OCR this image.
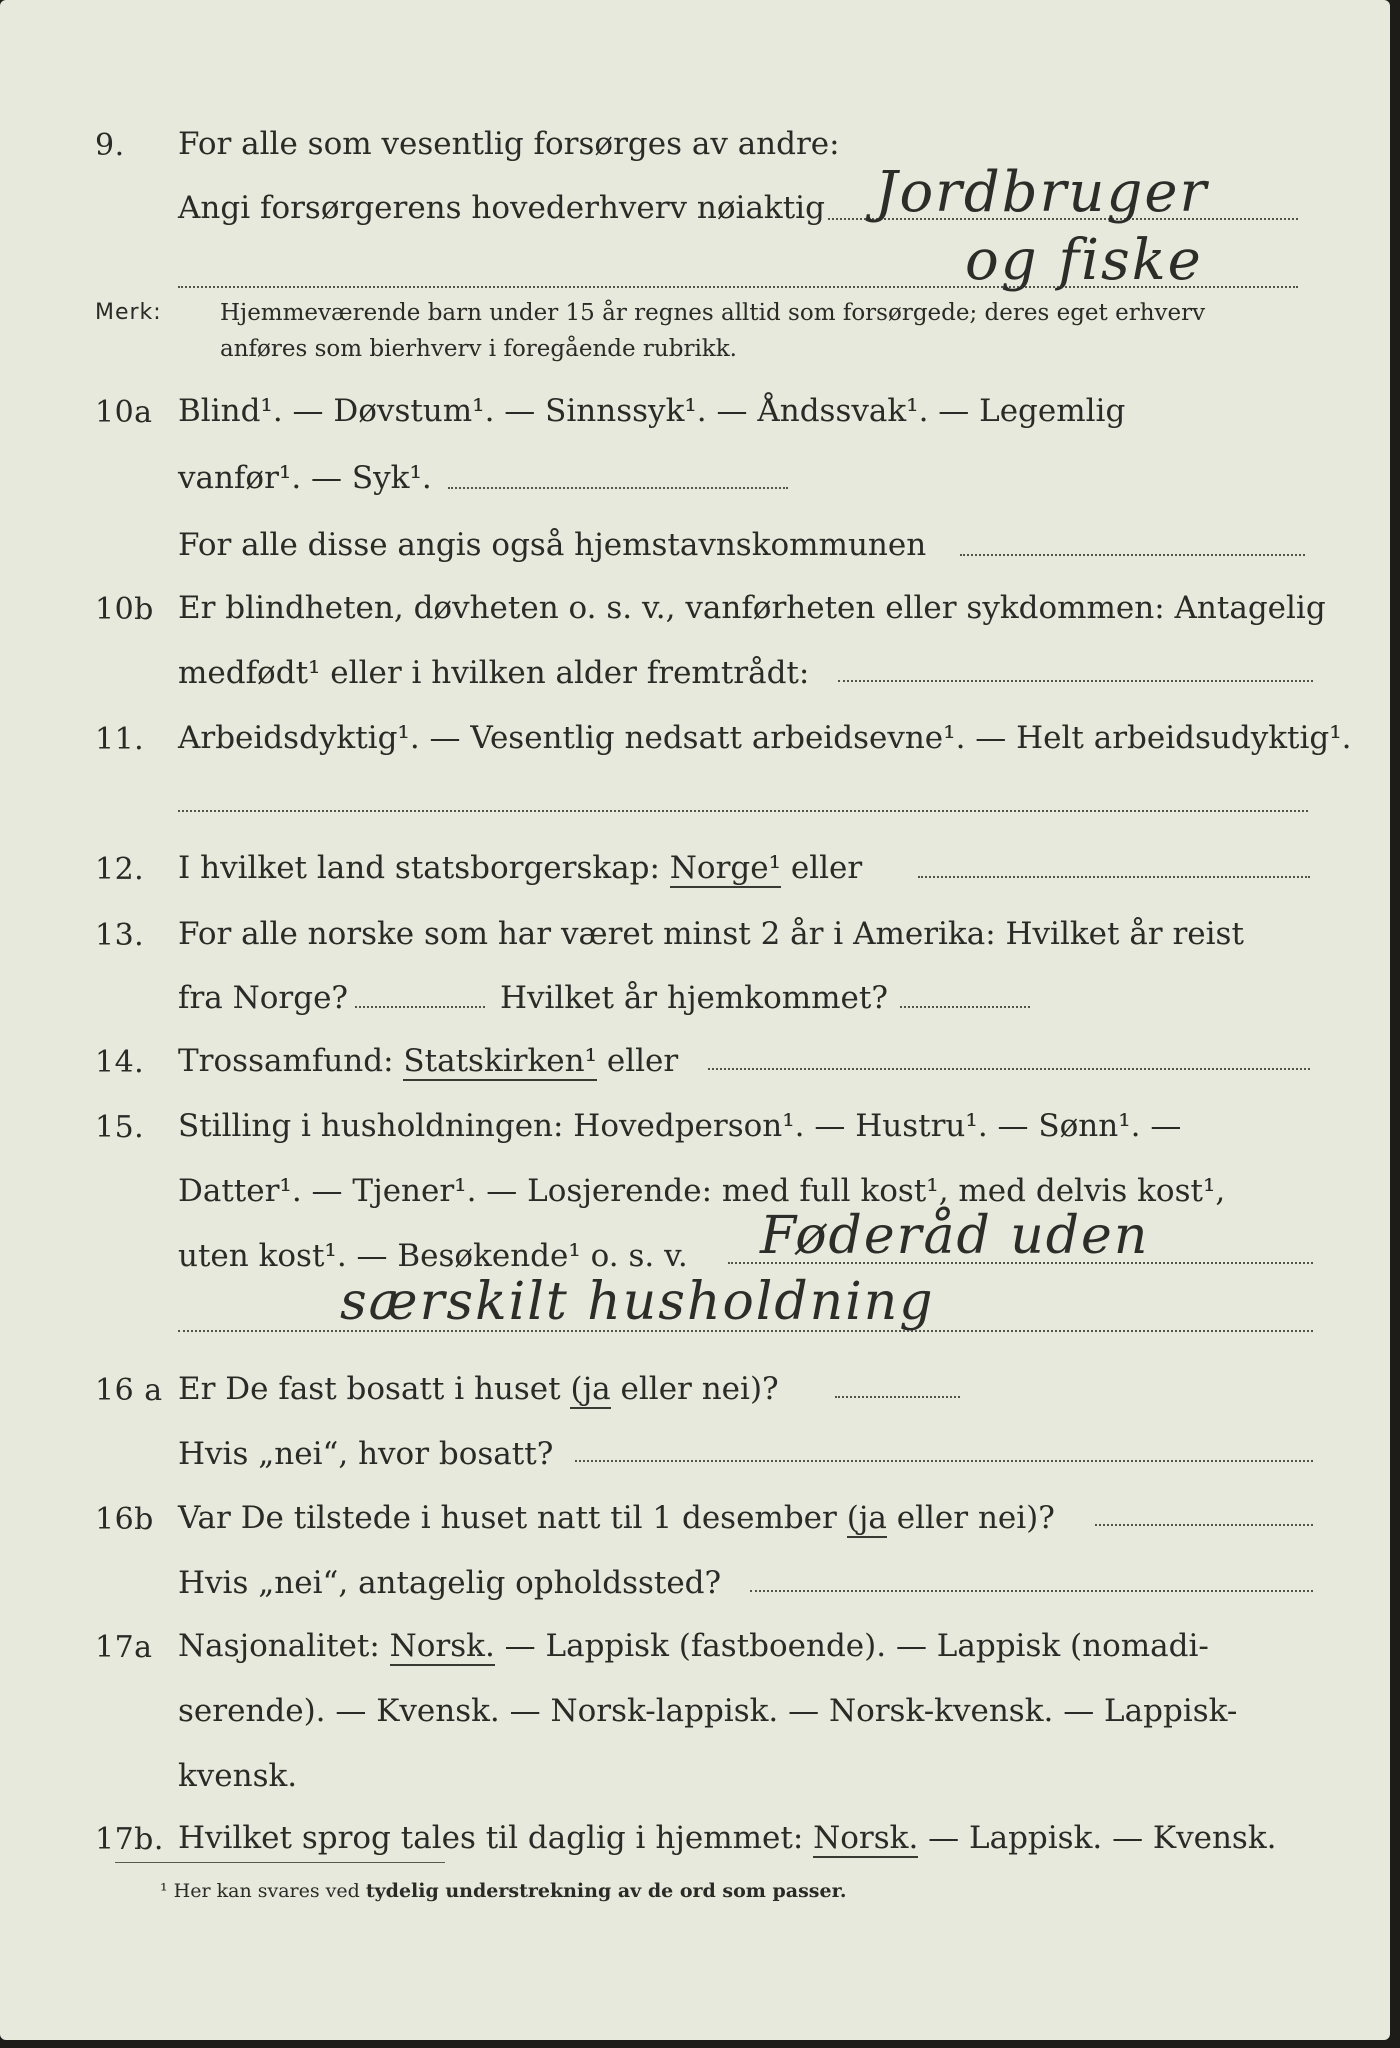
9. For alle som vesentlig forsørges av andre:
Angi forsørgerens hovederhverv nøiaktig Jordbruger
og fiske
Merk:	Hjemmeværende barn under 15 år regnes alltid som forsørgede; deres eget erhverv
anføres som bierhverv i foregående rubrikk.
10a Blind¹. — Døvstum¹. — Sinnssyk¹. — Åndssvak¹. — Legemlig
vanfør¹. — Syk¹.
For alle disse angis også hjemstavnskommunen
10b Er blindheten, døvheten o. s. v., vanførheten eller sykdommen: Antagelig
medfødt¹ eller i hvilken alder fremtrådt:
11. Arbeidsdyktig¹. — Vesentlig nedsatt arbeidsevne¹. — Helt arbeidsudyktig¹.
12. I hvilket land statsborgerskap: Norge¹ eller
13. For alle norske som har været minst 2 år i Amerika: Hvilket år reist
fra Norge?	Hvilket år hjemkommet?
14. Trossamfund: Statskirken¹ eller
15. Stilling i husholdningen: Hovedperson¹. — Hustru¹. — Sønn¹. —
Datter¹. — Tjener¹. — Losjerende: med full kost¹, med delvis kost¹,
uten kost¹. — Besøkende¹ o. s. v. Føderåd uden
særskilt husholdning
16 a Er De fast bosatt i huset (ja eller nei)?
Hvis „nei“, hvor bosatt?
16b Var De tilstede i huset natt til 1 desember (ja eller nei)?
Hvis „nei“, antagelig opholdssted?
17a Nasjonalitet: Norsk. — Lappisk (fastboende). — Lappisk (nomadi-
serende). — Kvensk. — Norsk-lappisk. — Norsk-kvensk. — Lappisk-
kvensk.
17b. Hvilket sprog tales til daglig i hjemmet: Norsk. — Lappisk. — Kvensk.
¹ Her kan svares ved tydelig understrekning av de ord som passer.
